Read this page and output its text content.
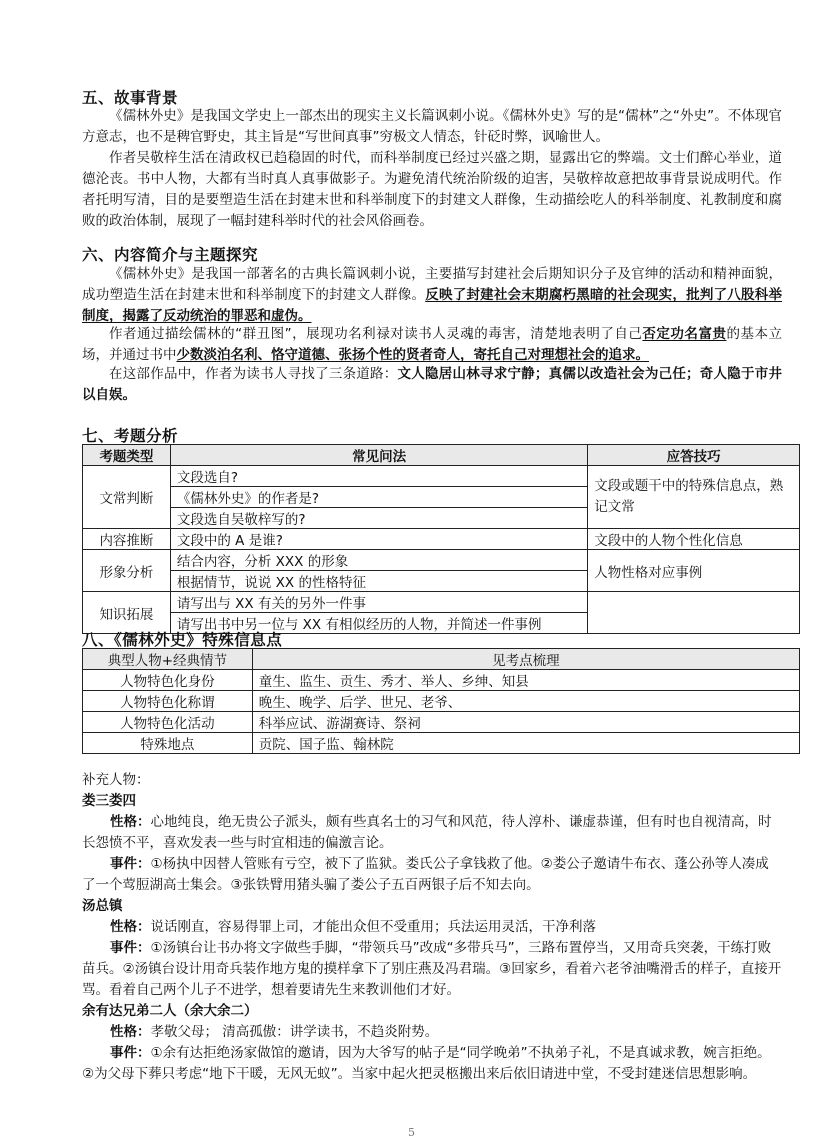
五、故事背景

《儒林外史》是我国文学史上一部杰出的现实主义长篇讽刺小说。《儒林外史》写的是“儒林”之“外史”。不体现官方意志，也不是稗官野史，其主旨是“写世间真事”穷极文人情态，针砭时弊，讽喻世人。

作者吴敬梓生活在清政权已趋稳固的时代，而科举制度已经过兴盛之期，显露出它的弊端。文士们醉心举业，道德沦丧。书中人物，大都有当时真人真事做影子。为避免清代统治阶级的迫害，吴敬梓故意把故事背景说成明代。作者托明写清，目的是要塑造生活在封建末世和科举制度下的封建文人群像，生动描绘吃人的科举制度、礼教制度和腐败的政治体制，展现了一幅封建科举时代的社会风俗画卷。

六、内容简介与主题探究

《儒林外史》是我国一部著名的古典长篇讽刺小说，主要描写封建社会后期知识分子及官绅的活动和精神面貌，成功塑造生活在封建末世和科举制度下的封建文人群像。反映了封建社会末期腐朽黑暗的社会现实，批判了八股科举制度，揭露了反动统治的罪恶和虚伪。

作者通过描绘儒林的“群丑图”，展现功名利禄对读书人灵魂的毒害，清楚地表明了自己否定功名富贵的基本立场，并通过书中少数淡泊名利、恪守道德、张扬个性的贤者奇人，寄托自己对理想社会的追求。

在这部作品中，作者为读书人寻找了三条道路：文人隐居山林寻求宁静；真儒以改造社会为己任；奇人隐于市井以自娱。

七、考题分析
考题类型	常见问法	应答技巧
文常判断	文段选自?	文段或题干中的特殊信息点，熟记文常
	《儒林外史》的作者是?	
	文段选自吴敬梓写的?	
内容推断	文段中的 A 是谁?	文段中的人物个性化信息
形象分析	结合内容，分析 XXX 的形象	人物性格对应事例
	根据情节，说说 XX 的性格特征	
知识拓展	请写出与 XX 有关的另外一件事	
	请写出书中另一位与 XX 有相似经历的人物，并简述一件事例	
八、《儒林外史》特殊信息点
典型人物+经典情节	见考点梳理
人物特色化身份	童生、监生、贡生、秀才、举人、乡绅、知县
人物特色化称谓	晚生、晚学、后学、世兄、老爷、
人物特色化活动	科举应试、游湖赛诗、祭祠
特殊地点	贡院、国子监、翰林院

补充人物：

娄三娄四

性格：心地纯良，绝无贵公子派头，颇有些真名士的习气和风范，待人淳朴、谦虚恭谨，但有时也自视清高，时长怨愤不平，喜欢发表一些与时宜相违的偏激言论。

事件：①杨执中因替人管账有亏空，被下了监狱。娄氏公子拿钱救了他。②娄公子邀请牛布衣、蓬公孙等人凑成了一个莺脰湖高士集会。③张铁臂用猪头骗了娄公子五百两银子后不知去向。

汤总镇

性格：说话刚直，容易得罪上司，才能出众但不受重用；兵法运用灵活，干净利落

事件：①汤镇台让书办将文字做些手脚，“带领兵马”改成“多带兵马”，三路布置停当，又用奇兵突袭，干练打败苗兵。②汤镇台设计用奇兵装作地方鬼的摸样拿下了别庄燕及冯君瑞。③回家乡，看着六老爷油嘴滑舌的样子，直接开骂。看着自己两个儿子不进学，想着要请先生来教训他们才好。

余有达兄弟二人（余大余二）

性格：孝敬父母； 清高孤傲：讲学读书，不趋炎附势。

事件：①余有达拒绝汤家做馆的邀请，因为大爷写的帖子是“同学晚弟”不执弟子礼，不是真诚求教，婉言拒绝。②为父母下葬只考虑“地下干暖，无风无蚁”。当家中起火把灵柩搬出来后依旧请进中堂，不受封建迷信思想影响。

5
